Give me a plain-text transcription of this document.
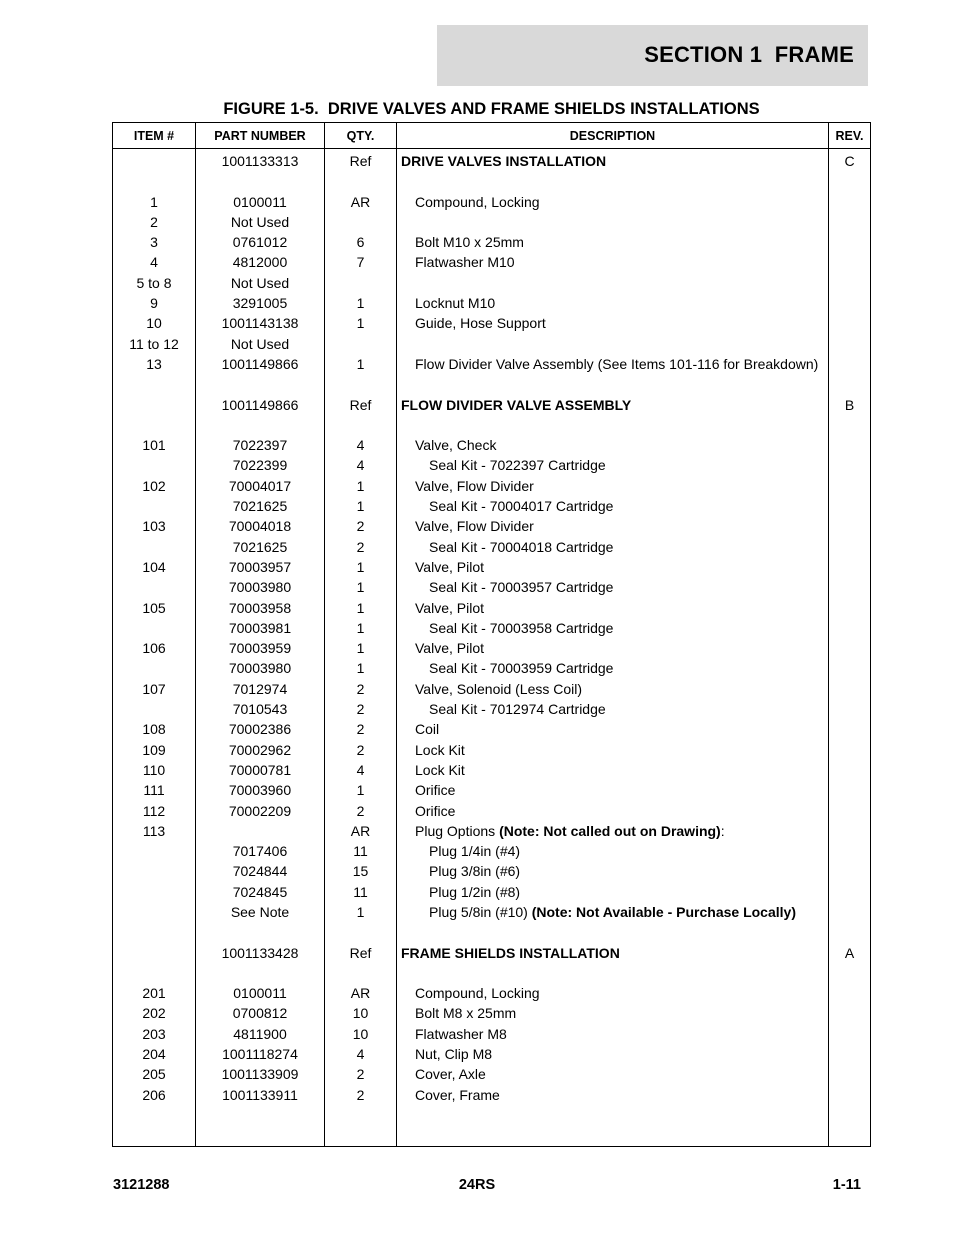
SECTION 1  FRAME
FIGURE 1-5.  DRIVE VALVES AND FRAME SHIELDS INSTALLATIONS
ITEM #	PART NUMBER	QTY.	DESCRIPTION	REV.
	1001133313	Ref	DRIVE VALVES INSTALLATION	C

1	0100011	AR	Compound, Locking	
2	Not Used			
3	0761012	6	Bolt M10 x 25mm	
4	4812000	7	Flatwasher M10	
5 to 8	Not Used			
9	3291005	1	Locknut M10	
10	1001143138	1	Guide, Hose Support	
11 to 12	Not Used			
13	1001149866	1	Flow Divider Valve Assembly (See Items 101-116 for Breakdown)	

	1001149866	Ref	FLOW DIVIDER VALVE ASSEMBLY	B

101	7022397	4	Valve, Check	
	7022399	4	Seal Kit - 7022397 Cartridge	
102	70004017	1	Valve, Flow Divider	
	7021625	1	Seal Kit - 70004017 Cartridge	
103	70004018	2	Valve, Flow Divider	
	7021625	2	Seal Kit - 70004018 Cartridge	
104	70003957	1	Valve, Pilot	
	70003980	1	Seal Kit - 70003957 Cartridge	
105	70003958	1	Valve, Pilot	
	70003981	1	Seal Kit - 70003958 Cartridge	
106	70003959	1	Valve, Pilot	
	70003980	1	Seal Kit - 70003959 Cartridge	
107	7012974	2	Valve, Solenoid (Less Coil)	
	7010543	2	Seal Kit - 7012974 Cartridge	
108	70002386	2	Coil	
109	70002962	2	Lock Kit	
110	70000781	4	Lock Kit	
111	70003960	1	Orifice	
112	70002209	2	Orifice	
113		AR	Plug Options (Note: Not called out on Drawing):	
	7017406	11	Plug 1/4in (#4)	
	7024844	15	Plug 3/8in (#6)	
	7024845	11	Plug 1/2in (#8)	
	See Note	1	Plug 5/8in (#10) (Note: Not Available - Purchase Locally)	

	1001133428	Ref	FRAME SHIELDS INSTALLATION	A

201	0100011	AR	Compound, Locking	
202	0700812	10	Bolt M8 x 25mm	
203	4811900	10	Flatwasher M8	
204	1001118274	4	Nut, Clip M8	
205	1001133909	2	Cover, Axle	
206	1001133911	2	Cover, Frame	

3121288	24RS	1-11
